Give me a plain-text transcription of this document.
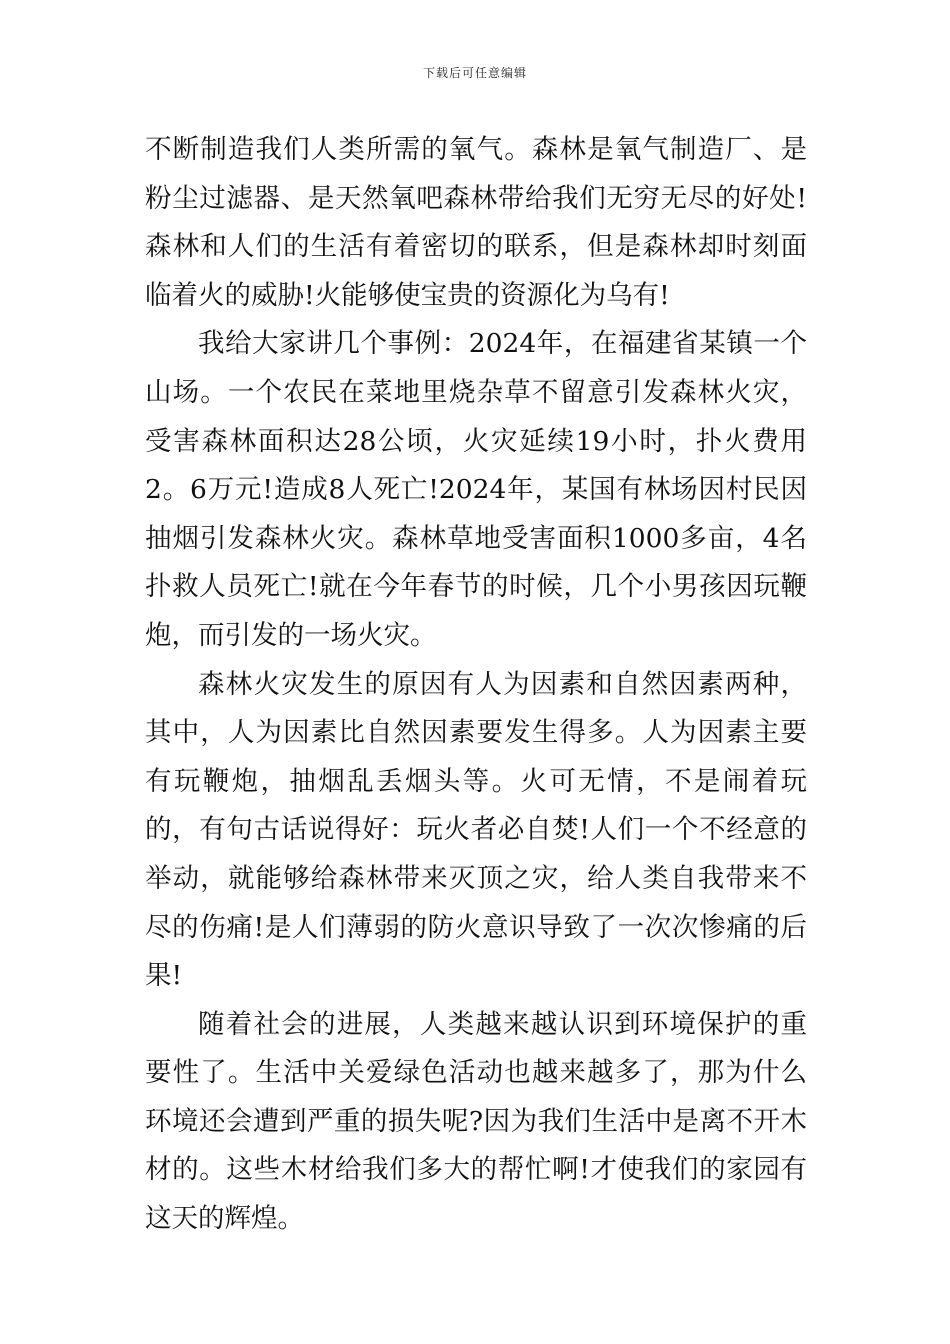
下载后可任意编辑

不断制造我们人类所需的氧气。森林是氧气制造厂、是粉尘过滤器、是天然氧吧森林带给我们无穷无尽的好处!森林和人们的生活有着密切的联系，但是森林却时刻面临着火的威胁!火能够使宝贵的资源化为乌有!

我给大家讲几个事例：2024年，在福建省某镇一个山场。一个农民在菜地里烧杂草不留意引发森林火灾，受害森林面积达28公顷，火灾延续19小时，扑火费用2。6万元!造成8人死亡!2024年，某国有林场因村民因抽烟引发森林火灾。森林草地受害面积1000多亩，4名扑救人员死亡!就在今年春节的时候，几个小男孩因玩鞭炮，而引发的一场火灾。

森林火灾发生的原因有人为因素和自然因素两种，其中，人为因素比自然因素要发生得多。人为因素主要有玩鞭炮，抽烟乱丢烟头等。火可无情，不是闹着玩的，有句古话说得好：玩火者必自焚!人们一个不经意的举动，就能够给森林带来灭顶之灾，给人类自我带来不尽的伤痛!是人们薄弱的防火意识导致了一次次惨痛的后果!

随着社会的进展，人类越来越认识到环境保护的重要性了。生活中关爱绿色活动也越来越多了，那为什么环境还会遭到严重的损失呢?因为我们生活中是离不开木材的。这些木材给我们多大的帮忙啊!才使我们的家园有这天的辉煌。
